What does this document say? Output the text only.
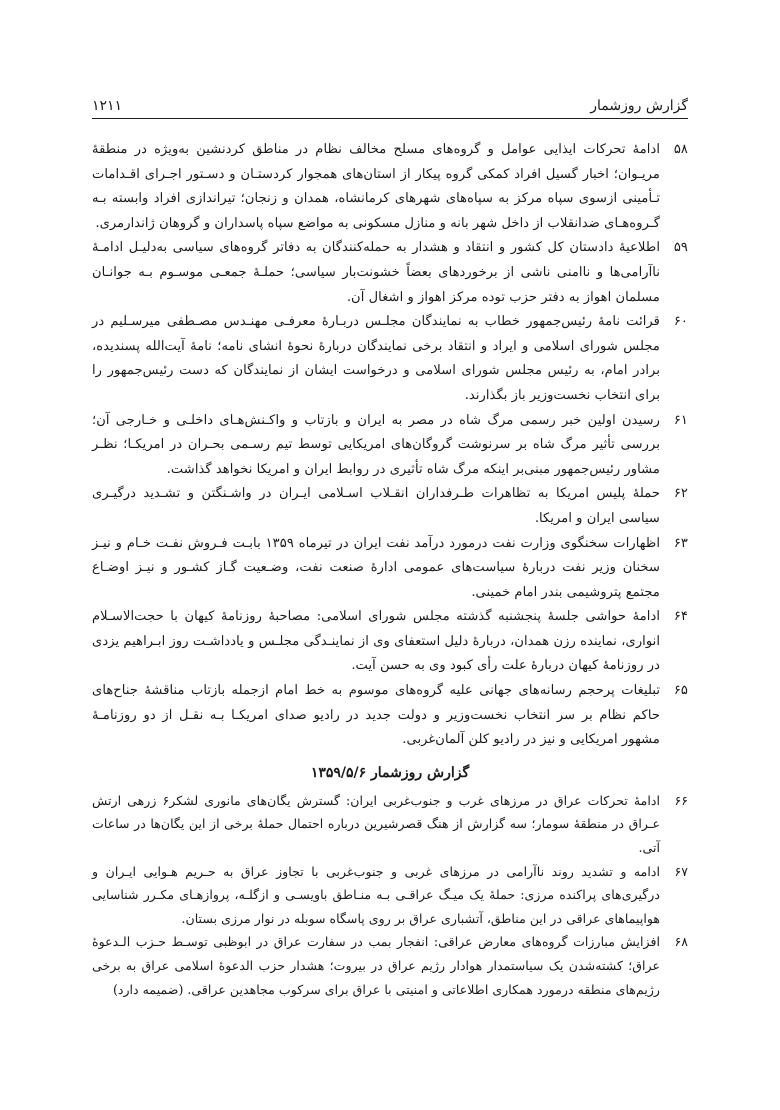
گزارش روزشمار
۱۲۱۱
۵۸
ادامهٔ تحرکات ایذایی عوامل و گروه‌های مسلح مخالف نظام در مناطق کردنشین به‌ویژه در منطقهٔ مریـوان؛ اخبار گسیل افراد کمکی گروه پیکار از استان‌های همجوار کردستـان و دسـتور اجـرای اقـدامات تـأمینی ازسوی سپاه مرکز به سپاه‌های شهرهای کرمانشاه، همدان و زنجان؛ تیراندازی افراد وابسته بـه گـروه‌هـای ضدانقلاب از داخل شهر بانه و منازل مسکونی به مواضع سپاه پاسداران و گروهان ژاندارمری.
۵۹
اطلاعیهٔ دادستان کل کشور و انتقاد و هشدار به حمله‌کنندگان به دفاتر گروه‌های سیاسی به‌دلیـل ادامـهٔ ناآرامی‌ها و ناامنی ناشی از برخوردهای بعضاً خشونت‌بار سیاسی؛ حملـهٔ جمعـی موسـوم بـه جوانـان مسلمان اهواز به دفتر حزب توده مرکز اهواز و اشغال آن.
۶۰
قرائت نامهٔ رئیس‌جمهور خطاب به نمایندگان مجلـس دربـارهٔ معرفـی مهنـدس مصـطفی میرسـلیم در مجلس شورای اسلامی و ایراد و انتقاد برخی نمایندگان دربارهٔ نحوهٔ انشای نامه؛ نامهٔ آیت‌الله پسندیده، برادر امام، به رئیس مجلس شورای اسلامی و درخواست ایشان از نمایندگان که دست رئیس‌جمهور را برای انتخاب نخست‌وزیر باز بگذارند.
۶۱
رسیدن اولین خبر رسمی مرگ شاه در مصر به ایران و بازتاب و واکـنش‌هـای داخلـی و خـارجی آن؛ بررسی تأثیر مرگ شاه بر سرنوشت گروگان‌های امریکایی توسط تیم رسـمی بحـران در امریکـا؛ نظـر مشاور رئیس‌جمهور مبنی‌بر اینکه مرگ شاه تأثیری در روابط ایران و امریکا نخواهد گذاشت.
۶۲
حملهٔ پلیس امریکا به تظاهرات طـرفداران انقـلاب اسـلامی ایـران در واشـنگتن و تشـدید درگیـری سیاسی ایران و امریکا.
۶۳
اظهارات سخنگوی وزارت نفت درمورد درآمد نفت ایران در تیرماه ۱۳۵۹ بابـت فـروش نفـت خـام و نیـز سخنان وزیر نفت دربارهٔ سیاست‌های عمومی ادارهٔ صنعت نفت، وضـعیت گـاز کشـور و نیـز اوضـاع مجتمع پتروشیمی بندر امام خمینی.
۶۴
ادامهٔ حواشی جلسهٔ پنجشنبه گذشته مجلس شورای اسلامی: مصاحبهٔ روزنامهٔ کیهان با حجت‌الاسـلام انواری، نماینده رزن همدان، دربارهٔ دلیل استعفای وی از نماینـدگی مجلـس و یادداشـت روز ابـراهیم یزدی در روزنامهٔ کیهان دربارهٔ علت رأی کبود وی به حسن آیت.
۶۵
تبلیغات پرحجم رسانه‌های جهانی علیه گروه‌های موسوم به خط امام ازجمله بازتاب مناقشهٔ جناح‌های حاکم نظام بر سر انتخاب نخست‌وزیر و دولت جدید در رادیو صدای امریکـا بـه نقـل از دو روزنامـهٔ مشهور امریکایی و نیز در رادیو کلن آلمان‌غربی.
گزارش روزشمار ۱۳۵۹/۵/۶
۶۶
ادامهٔ تحرکات عراق در مرزهای غرب و جنوب‌غربی ایران: گسترش یگان‌های مانوری لشکر۶ زرهی ارتش عـراق در منطقهٔ سومار؛ سه گزارش از هنگ قصرشیرین درباره احتمال حملهٔ برخی از این یگان‌ها در ساعات آتی.
۶۷
ادامه و تشدید روند ناآرامی در مرزهای غربی و جنوب‌غربی با تجاوز عراق به حـریم هـوایی ایـران و درگیری‌های پراکنده مرزی: حملهٔ یک میـگ عراقـی بـه منـاطق باویسـی و ازگلـه، پروازهـای مکـرر شناسایی هواپیماهای عراقی در این مناطق، آتشباری عراق بر روی پاسگاه سوبله در نوار مرزی بستان.
۶۸
افزایش مبارزات گروه‌های معارض عراقی: انفجار بمب در سفارت عراق در ابوظبی توسـط حـزب الـدعوهٔ عراق؛ کشته‌شدن یک سیاستمدار هوادار رژیم عراق در بیروت؛ هشدار حزب الدعوهٔ اسلامی عراق به برخی رژیم‌های منطقه درمورد همکاری اطلاعاتی و امنیتی با عراق برای سرکوب مجاهدین عراقی. (ضمیمه دارد)
